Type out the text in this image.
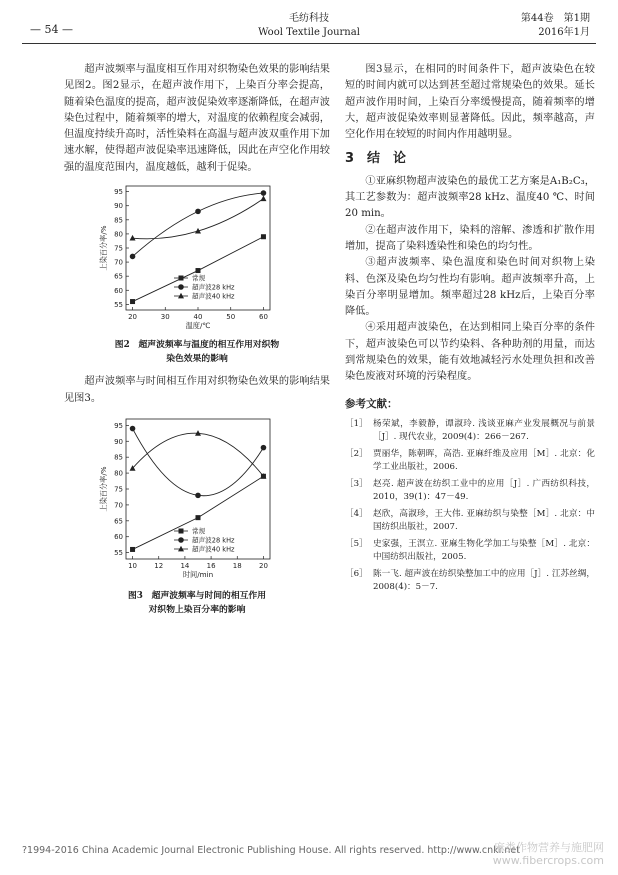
— 54 —
毛纺科技
Wool Textile Journal
第44卷　第1期
2016年1月

超声波频率与温度相互作用对织物染色效果的影响结果见图2。图2显示，在超声波作用下，上染百分率会提高，随着染色温度的提高，超声波促染效率逐渐降低，在超声波染色过程中，随着频率的增大，对温度的依赖程度会减弱，但温度持续升高时，活性染料在高温与超声波双重作用下加速水解，使得超声波促染率迅速降低，因此在声空化作用较强的温度范围内，温度越低，越利于促染。

55
60
65
70
75
80
85
90
95
20	30	40	50	60
温度/℃
上染百分率/%
常规
超声波28 kHz
超声波40 kHz
图2　超声波频率与温度的相互作用对织物
染色效果的影响

超声波频率与时间相互作用对织物染色效果的影响结果见图3。

55
60
65
70
75
80
85
90
95
10 12 14 16 18 20
时间/min
上染百分率/%
常规
超声波28 kHz
超声波40 kHz
图3　超声波频率与时间的相互作用
对织物上染百分率的影响

图3显示，在相同的时间条件下，超声波染色在较短的时间内就可以达到甚至超过常规染色的效果。延长超声波作用时间，上染百分率缓慢提高，随着频率的增大，超声波促染效率则显著降低。因此，频率越高，声空化作用在较短的时间内作用越明显。

3　结　论

①亚麻织物超声波染色的最优工艺方案是A₁B₂C₃，其工艺参数为：超声波频率28 kHz、温度40 ℃、时间20 min。

②在超声波作用下，染料的溶解、渗透和扩散作用增加，提高了染料透染性和染色的均匀性。

③超声波频率、染色温度和染色时间对织物上染料、色深及染色均匀性均有影响。超声波频率升高，上染百分率明显增加。频率超过28 kHz后，上染百分率降低。

④采用超声波染色，在达到相同上染百分率的条件下，超声波染色可以节约染料、各种助剂的用量，而达到常规染色的效果，能有效地减轻污水处理负担和改善染色废液对环境的污染程度。

参考文献：
［1］ 杨荣斌，李毅静，谭淑玲. 浅谈亚麻产业发展概况与前景［J］. 现代农业，2009(4)：266－267.
［2］ 贾丽华，陈朝晖，高浩. 亚麻纤维及应用［M］. 北京：化学工业出版社，2006.
［3］ 赵亮. 超声波在纺织工业中的应用［J］. 广西纺织科技，2010，39(1)：47－49.
［4］ 赵欣，高淑珍，王大伟. 亚麻纺织与染整［M］. 北京：中国纺织出版社，2007.
［5］ 史家强，王溟立. 亚麻生物化学加工与染整［M］. 北京：中国纺织出版社，2005.
［6］ 陈一飞. 超声波在纺织染整加工中的应用［J］. 江苏丝绸，2008(4)：5－7.
?1994-2016 China Academic Journal Electronic Publishing House. All rights reserved. http://www.cnki.net
麻类作物营养与施肥网
www.fibercrops.com
